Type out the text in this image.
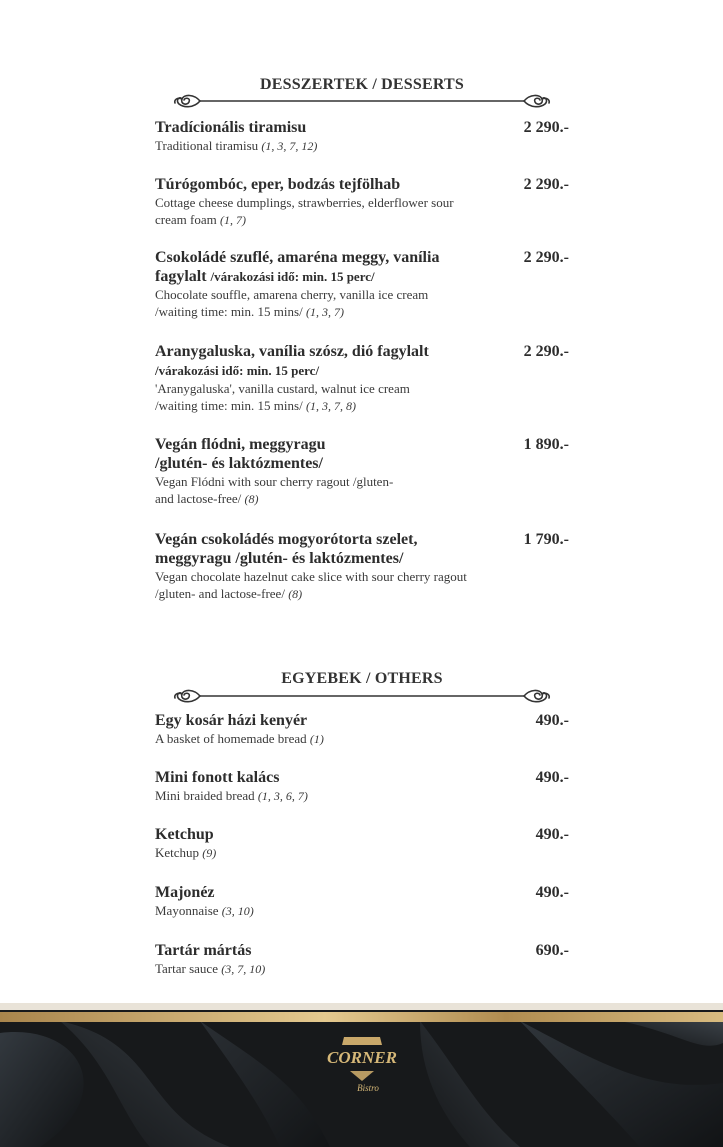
DESSZERTEK / DESSERTS
Tradícionális tiramisu	2 290.-
Traditional tiramisu (1, 3, 7, 12)
Túrógombóc, eper, bodzás tejfölhab	2 290.-
Cottage cheese dumplings, strawberries, elderflower sour cream foam (1, 7)
Csokoládé szuflé, amaréna meggy, vanília fagylalt /várakozási idő: min. 15 perc/
2 290.-
Chocolate souffle, amarena cherry, vanilla ice cream /waiting time: min. 15 mins/ (1, 3, 7)
Aranygaluska, vanília szósz, dió fagylalt /várakozási idő: min. 15 perc/
2 290.-
'Aranygaluska', vanilla custard, walnut ice cream /waiting time: min. 15 mins/ (1, 3, 7, 8)
Vegán flódni, meggyragu /glutén- és laktózmentes/
1 890.-
Vegan Flódni with sour cherry ragout /gluten- and lactose-free/ (8)
Vegán csokoládés mogyorótorta szelet, meggyragu /glutén- és laktózmentes/
1 790.-
Vegan chocolate hazelnut cake slice with sour cherry ragout /gluten- and lactose-free/ (8)
EGYEBEK / OTHERS
Egy kosár házi kenyér	490.-
A basket of homemade bread (1)
Mini fonott kalács	490.-
Mini braided bread (1, 3, 6, 7)
Ketchup	490.-
Ketchup (9)
Majonéz	490.-
Mayonnaise (3, 10)
Tartár mártás	690.-
Tartar sauce (3, 7, 10)
CORNER
Bistro
